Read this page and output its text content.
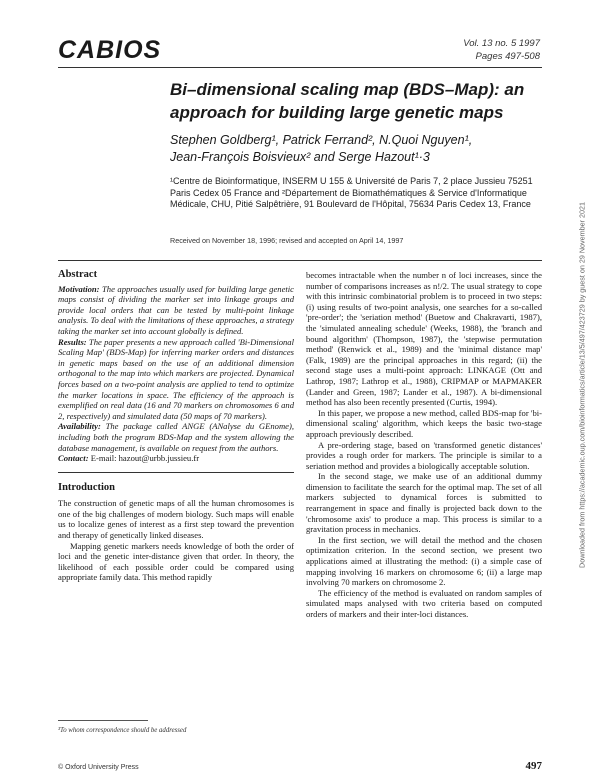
CABIOS	Vol. 13 no. 5 1997
Pages 497-508
Bi–dimensional scaling map (BDS–Map): an approach for building large genetic maps
Stephen Goldberg¹, Patrick Ferrand², N.Quoi Nguyen¹,
Jean-François Boisvieux² and Serge Hazout¹·3
¹Centre de Bioinformatique, INSERM U 155 & Université de Paris 7, 2 place Jussieu 75251 Paris Cedex 05 France and ²Département de Biomathématiques & Service d'Informatique Médicale, CHU, Pitié Salpêtrière, 91 Boulevard de l'Hôpital, 75634 Paris Cedex 13, France
Received on November 18, 1996; revised and accepted on April 14, 1997
Abstract

Motivation: The approaches usually used for building large genetic maps consist of dividing the marker set into linkage groups and provide local orders that can be tested by multi-point linkage analysis. To deal with the limitations of these approaches, a strategy taking the marker set into account globally is defined.

Results: The paper presents a new approach called 'Bi-Dimensional Scaling Map' (BDS-Map) for inferring marker orders and distances in genetic maps based on the use of an additional dimension orthogonal to the map into which markers are projected. Dynamical forces based on a two-point analysis are applied to tend to optimize the marker locations in space. The efficiency of the approach is exemplified on real data (16 and 70 markers on chromosomes 6 and 2, respectively) and simulated data (50 maps of 70 markers).

Availability: The package called ANGE (ANalyse du GEnome), including both the program BDS-Map and the system allowing the database management, is available on request from the authors.

Contact: E-mail: hazout@urbb.jussieu.fr

Introduction

The construction of genetic maps of all the human chromosomes is one of the big challenges of modern biology. Such maps will enable us to localize genes of interest as a first step toward the prevention and therapy of genetically linked diseases.

Mapping genetic markers needs knowledge of both the order of loci and the genetic inter-distance given that order. In theory, the likelihood of each possible order could be compared using appropriate family data. This method rapidly

³To whom correspondence should be addressed

becomes intractable when the number n of loci increases, since the number of comparisons increases as n!/2. The usual strategy to cope with this intrinsic combinatorial problem is to proceed in two steps: (i) using results of two-point analysis, one searches for a so-called 'pre-order'; the 'seriation method' (Buetow and Chakravarti, 1987), the 'simulated annealing schedule' (Weeks, 1988), the 'branch and bound algorithm' (Thompson, 1987), the 'stepwise permutation method' (Renwick et al., 1989) and the 'minimal distance map' (Falk, 1989) are the principal approaches in this regard; (ii) the second stage uses a multi-point approach: LINKAGE (Ott and Lathrop, 1987; Lathrop et al., 1988), CRIPMAP or MAPMAKER (Lander and Green, 1987; Lander et al., 1987). A bi-dimensional method has also been recently presented (Curtis, 1994).

In this paper, we propose a new method, called BDS-map for 'bi-dimensional scaling' algorithm, which keeps the basic two-stage approach previously described.

A pre-ordering stage, based on 'transformed genetic distances' provides a rough order for markers. The principle is similar to a seriation method and provides a biologically acceptable solution.

In the second stage, we make use of an additional dummy dimension to facilitate the search for the optimal map. The set of all markers subjected to dynamical forces is submitted to rearrangement in space and finally is projected back down to the 'chromosome axis' to produce a map. This process is similar to a gravitation process in mechanics.

In the first section, we will detail the method and the chosen optimization criterion. In the second section, we present two applications aimed at illustrating the method: (i) a simple case of mapping involving 16 markers on chromosome 6; (ii) a large map involving 70 markers on chromosome 2.

The efficiency of the method is evaluated on random samples of simulated maps analysed with two criteria based on computed orders of markers and their inter-loci distances.

© Oxford University Press	497
Downloaded from https://academic.oup.com/bioinformatics/article/13/5/497/423729 by guest on 29 November 2021
